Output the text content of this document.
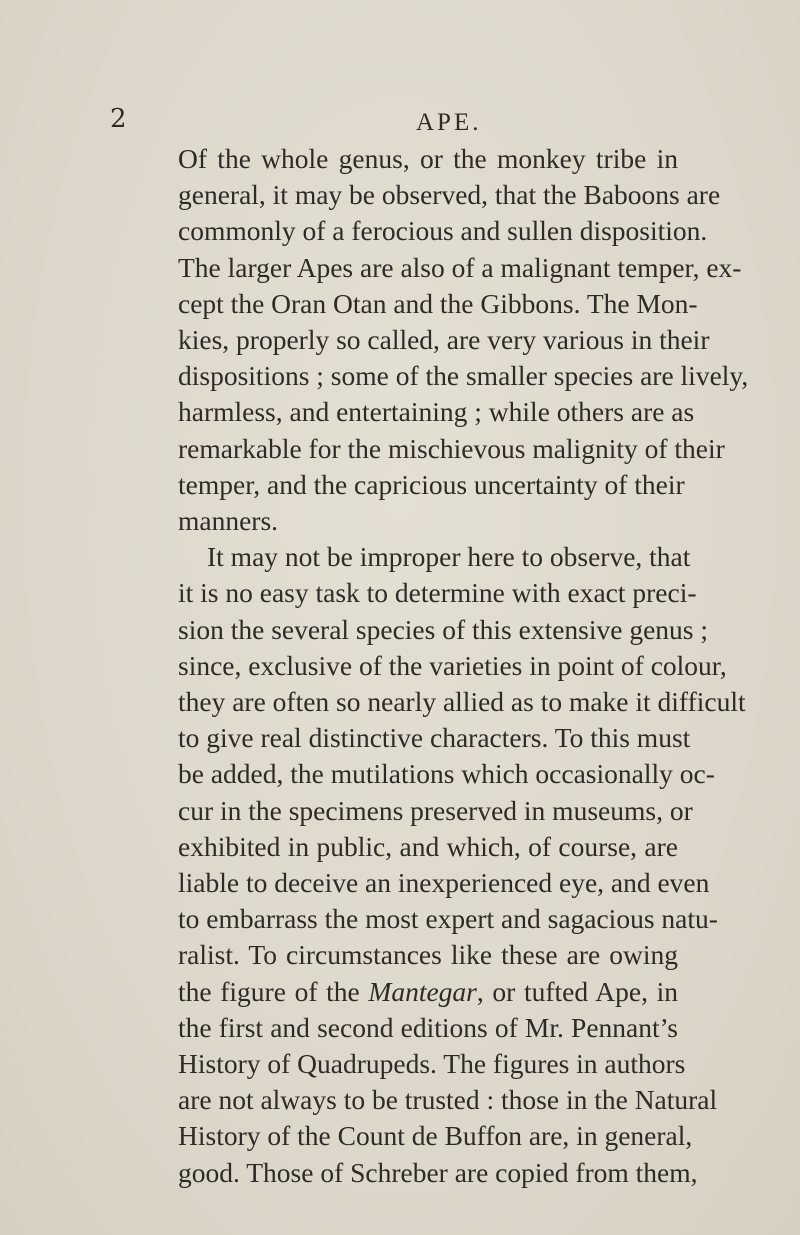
2	APE.
Of the whole genus, or the monkey tribe in
general, it may be observed, that the Baboons are
commonly of a ferocious and sullen disposition.
The larger Apes are also of a malignant temper, ex-
cept the Oran Otan and the Gibbons. The Mon-
kies, properly so called, are very various in their
dispositions ; some of the smaller species are lively,
harmless, and entertaining ; while others are as
remarkable for the mischievous malignity of their
temper, and the capricious uncertainty of their
manners.
It may not be improper here to observe, that
it is no easy task to determine with exact preci-
sion the several species of this extensive genus ;
since, exclusive of the varieties in point of colour,
they are often so nearly allied as to make it difficult
to give real distinctive characters. To this must
be added, the mutilations which occasionally oc-
cur in the specimens preserved in museums, or
exhibited in public, and which, of course, are
liable to deceive an inexperienced eye, and even
to embarrass the most expert and sagacious natu-
ralist. To circumstances like these are owing
the figure of the Mantegar, or tufted Ape, in
the first and second editions of Mr. Pennant’s
History of Quadrupeds. The figures in authors
are not always to be trusted : those in the Natural
History of the Count de Buffon are, in general,
good. Those of Schreber are copied from them,
